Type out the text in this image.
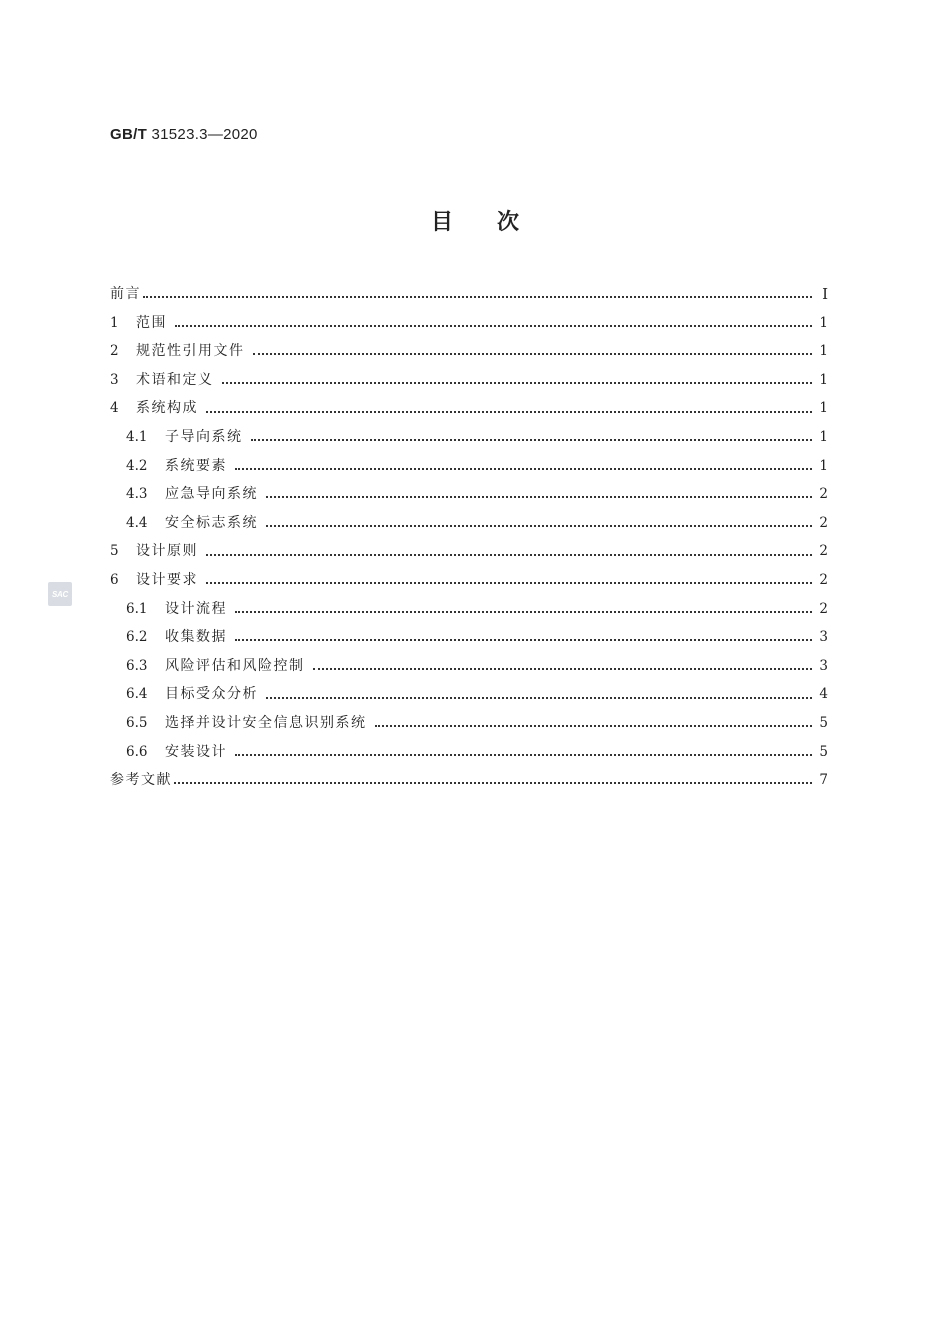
GB/T 31523.3—2020
目 次
SAC
前言	I
1	范围	1
2	规范性引用文件	1
3	术语和定义	1
4	系统构成	1
4.1	子导向系统	1
4.2	系统要素	1
4.3	应急导向系统	2
4.4	安全标志系统	2
5	设计原则	2
6	设计要求	2
6.1	设计流程	2
6.2	收集数据	3
6.3	风险评估和风险控制	3
6.4	目标受众分析	4
6.5	选择并设计安全信息识别系统	5
6.6	安装设计	5
参考文献	7
